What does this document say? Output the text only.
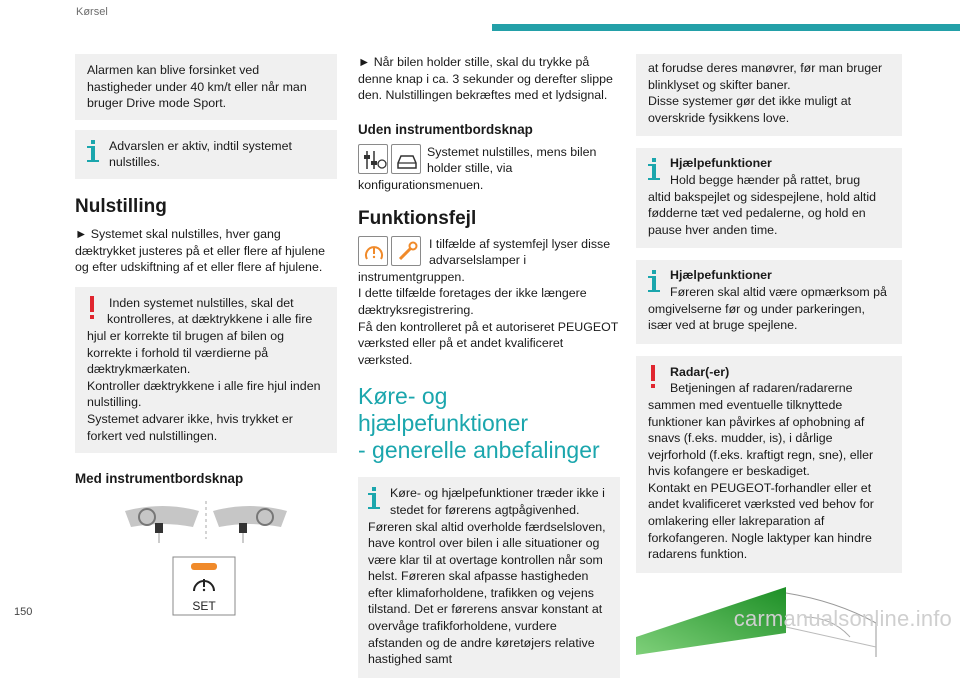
Kørsel

Alarmen kan blive forsinket ved hastigheder under 40 km/t eller når man bruger Drive mode Sport.

Advarslen er aktiv, indtil systemet

nulstilles.

Nulstilling

► Systemet skal nulstilles, hver gang dæktrykket justeres på et eller flere af hjulene og efter udskiftning af et eller flere af hjulene.

Inden systemet nulstilles, skal det

kontrolleres, at dæktrykkene i alle fire hjul er korrekte til brugen af bilen og korrekte i forhold til værdierne på dæktrykmærkaten.

Kontroller dæktrykkene i alle fire hjul inden nulstilling.

Systemet advarer ikke, hvis trykket er forkert ved nulstillingen.

Med instrumentbordsknap
SET

► Når bilen holder stille, skal du trykke på denne knap i ca. 3 sekunder og derefter slippe den. Nulstillingen bekræftes med et lydsignal.

Uden instrumentbordsknap

Systemet nulstilles, mens bilen

holder stille, via

konfigurationsmenuen.

Funktionsfejl

I tilfælde af systemfejl lyser disse

advarselslamper i

instrumentgruppen.

I dette tilfælde foretages der ikke længere dæktryksregistrering.

Få den kontrolleret på et autoriseret PEUGEOT værksted eller på et andet kvalificeret værksted.

Køre- og hjælpefunktioner
- generelle anbefalinger

Køre- og hjælpefunktioner træder ikke i

stedet for førerens agtpågivenhed.

Føreren skal altid overholde færdselsloven, have kontrol over bilen i alle situationer og være klar til at overtage kontrollen når som helst. Føreren skal afpasse hastigheden efter klimaforholdene, trafikken og vejens tilstand. Det er førerens ansvar konstant at overvåge trafikforholdene, vurdere afstanden og de andre køretøjers relative hastighed samt

at forudse deres manøvrer, før man bruger blinklyset og skifter baner.

Disse systemer gør det ikke muligt at overskride fysikkens love.

Hjælpefunktioner

Hold begge hænder på rattet, brug

altid bakspejlet og sidespejlene, hold altid fødderne tæt ved pedalerne, og hold en pause hver anden time.

Hjælpefunktioner

Føreren skal altid være opmærksom på

omgivelserne før og under parkeringen, især ved at bruge spejlene.

Radar(-er)

Betjeningen af radaren/radarerne

sammen med eventuelle tilknyttede funktioner kan påvirkes af ophobning af snavs (f.eks. mudder, is), i dårlige vejrforhold (f.eks. kraftigt regn, sne), eller hvis kofangere er beskadiget.

Kontakt en PEUGEOT-forhandler eller et andet kvalificeret værksted ved behov for omlakering eller lakreparation af forkofangeren. Nogle laktyper kan hindre radarens funktion.

150	carmanualsonline.info
